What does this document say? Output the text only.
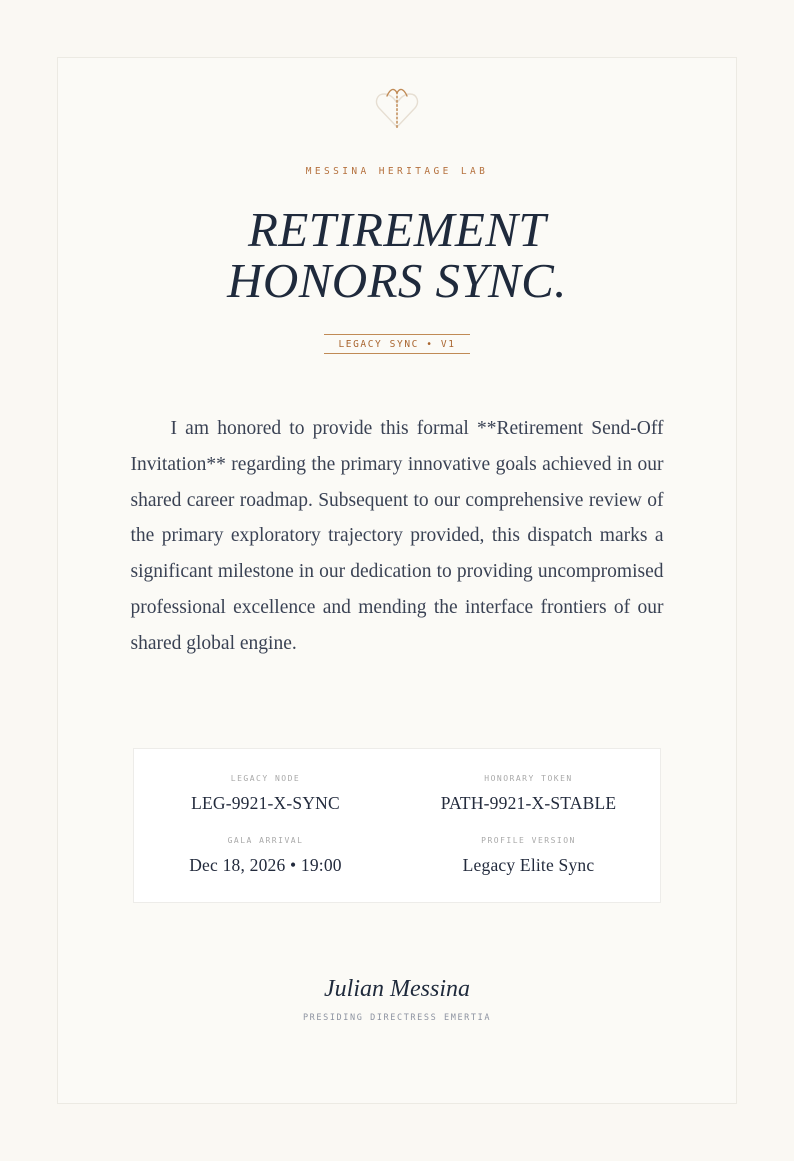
MESSINA HERITAGE LAB
RETIREMENT
HONORS SYNC.
LEGACY SYNC • V1

I am honored to provide this formal **Retirement Send-Off Invitation** regarding the primary innovative goals achieved in our shared career roadmap. Subsequent to our comprehensive review of the primary exploratory trajectory provided, this dispatch marks a significant milestone in our dedication to providing uncompromised professional excellence and mending the interface frontiers of our shared global engine.

LEGACY NODE
LEG-9921-X-SYNC
HONORARY TOKEN
PATH-9921-X-STABLE
GALA ARRIVAL
Dec 18, 2026 • 19:00
PROFILE VERSION
Legacy Elite Sync
Julian Messina
PRESIDING DIRECTRESS EMERTIA
